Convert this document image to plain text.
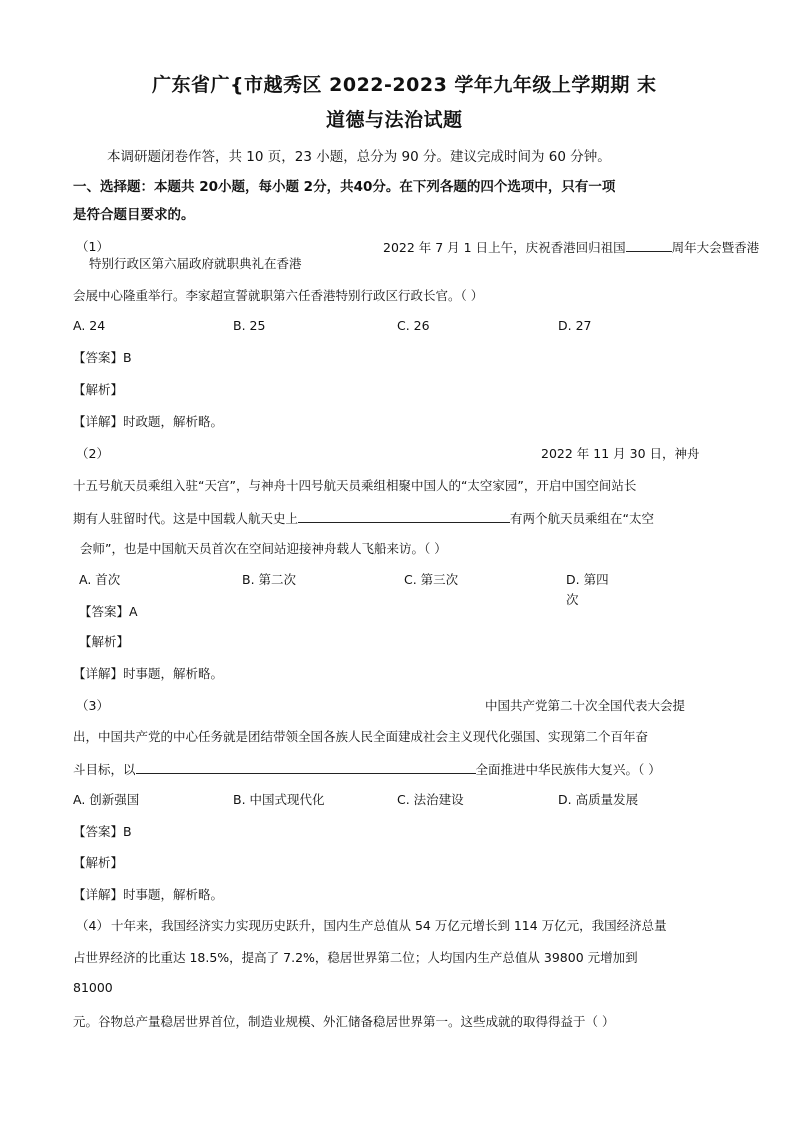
广东省广{市越秀区 2022-2023 学年九年级上学期期 末
道德与法治试题
本调研题闭卷作答，共 10 页，23 小题，总分为 90 分。建议完成时间为 60 分钟。
一、选择题：本题共 20小题，每小题 2分，共40分。在下列各题的四个选项中，只有一项
是符合题目要求的。
（1）	2022 年 7 月 1 日上午，庆祝香港回归祖国	周年大会暨香港
特别行政区第六届政府就职典礼在香港
会展中心隆重举行。李家超宣誓就职第六任香港特别行政区行政长官。（ ）
A. 24	B. 25	C. 26	D. 27
【答案】B
【解析】
【详解】时政题，解析略。
（2）	2022 年 11 月 30 日，神舟
十五号航天员乘组入驻“天宫”，与神舟十四号航天员乘组相聚中国人的“太空家园”，开启中国空间站长
期有人驻留时代。这是中国载人航天史上	有两个航天员乘组在“太空
会师”，也是中国航天员首次在空间站迎接神舟载人飞船来访。（ ）
A. 首次	B. 第二次	C. 第三次	D. 第四
次
【答案】A
【解析】
【详解】时事题，解析略。
（3）	中国共产党第二十次全国代表大会提
出，中国共产党的中心任务就是团结带领全国各族人民全面建成社会主义现代化强国、实现第二个百年奋
斗目标，以	全面推进中华民族伟大复兴。（ ）
A. 创新强国	B. 中国式现代化	C. 法治建设	D. 高质量发展
【答案】B
【解析】
【详解】时事题，解析略。
（4） 十年来，我国经济实力实现历史跃升，国内生产总值从 54 万亿元增长到 114 万亿元，我国经济总量
占世界经济的比重达 18.5%，提高了 7.2%，稳居世界第二位；人均国内生产总值从 39800 元增加到
81000
元。谷物总产量稳居世界首位，制造业规模、外汇储备稳居世界第一。这些成就的取得得益于（ ）
